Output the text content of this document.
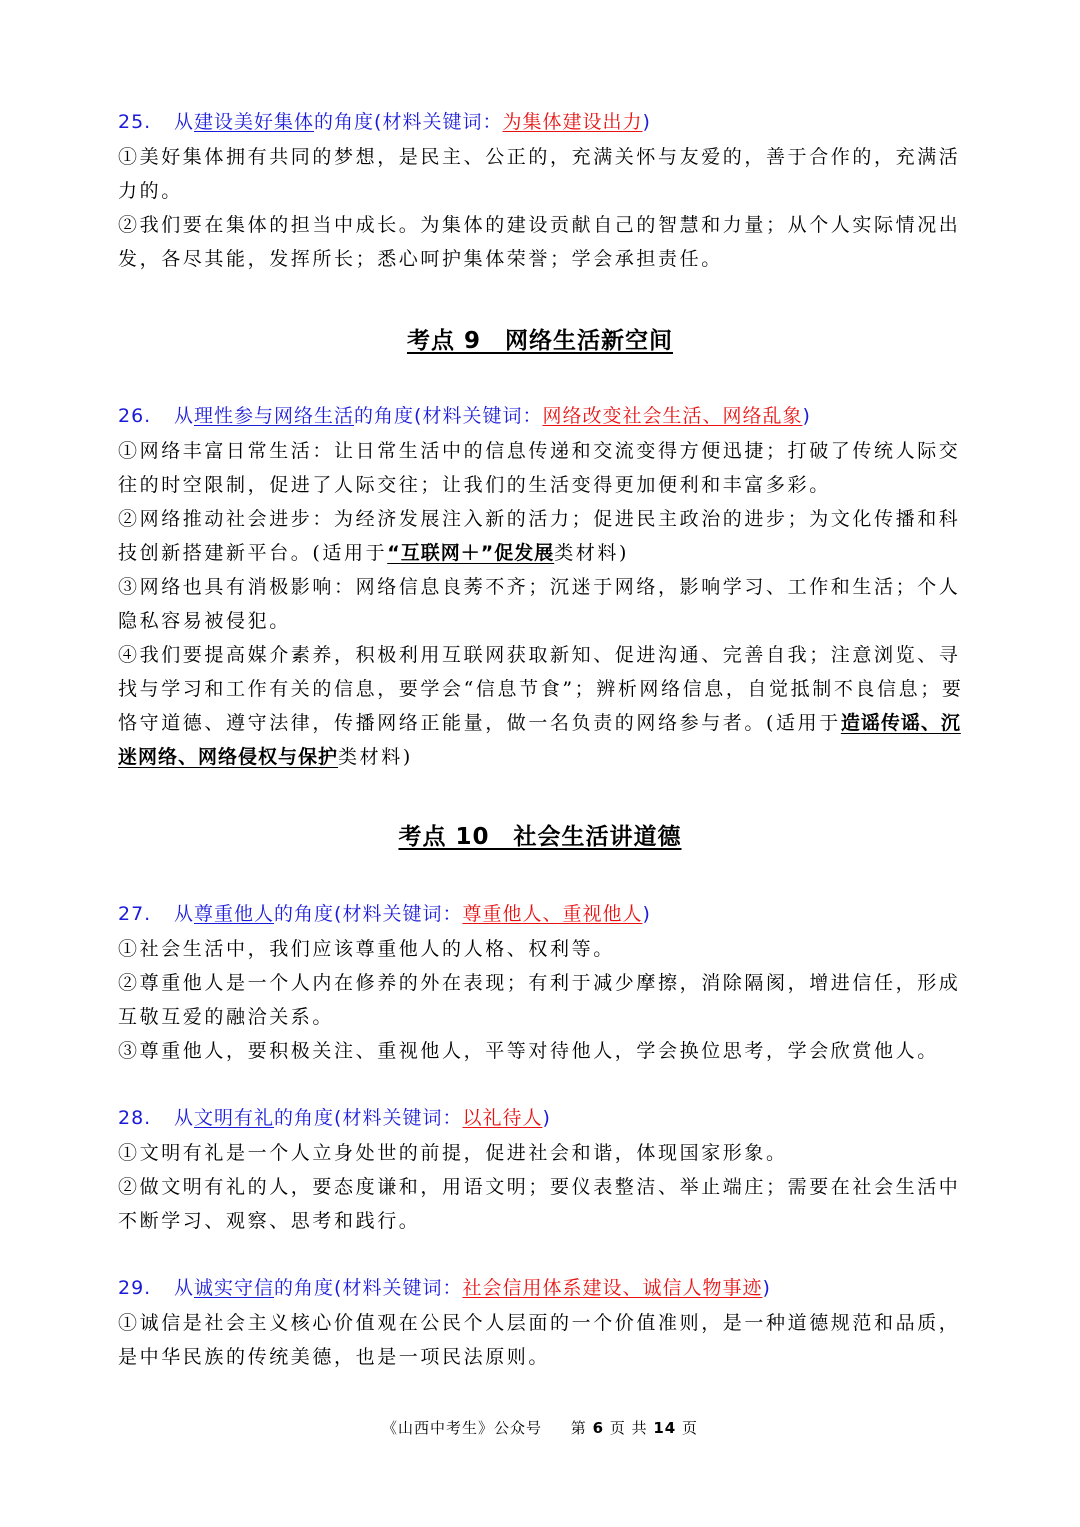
25. 从建设美好集体的角度(材料关键词：为集体建设出力)
①美好集体拥有共同的梦想，是民主、公正的，充满关怀与友爱的，善于合作的，充满活力的。
②我们要在集体的担当中成长。为集体的建设贡献自己的智慧和力量；从个人实际情况出发，各尽其能，发挥所长；悉心呵护集体荣誉；学会承担责任。
考点 9　网络生活新空间
26. 从理性参与网络生活的角度(材料关键词：网络改变社会生活、网络乱象)
①网络丰富日常生活：让日常生活中的信息传递和交流变得方便迅捷；打破了传统人际交往的时空限制，促进了人际交往；让我们的生活变得更加便利和丰富多彩。
②网络推动社会进步：为经济发展注入新的活力；促进民主政治的进步；为文化传播和科技创新搭建新平台。(适用于“互联网＋”促发展类材料)
③网络也具有消极影响：网络信息良莠不齐；沉迷于网络，影响学习、工作和生活；个人隐私容易被侵犯。
④我们要提高媒介素养，积极利用互联网获取新知、促进沟通、完善自我；注意浏览、寻找与学习和工作有关的信息，要学会“信息节食”；辨析网络信息，自觉抵制不良信息；要恪守道德、遵守法律，传播网络正能量，做一名负责的网络参与者。(适用于造谣传谣、沉迷网络、网络侵权与保护类材料)
考点 10　社会生活讲道德
27. 从尊重他人的角度(材料关键词：尊重他人、重视他人)
①社会生活中，我们应该尊重他人的人格、权利等。
②尊重他人是一个人内在修养的外在表现；有利于减少摩擦，消除隔阂，增进信任，形成互敬互爱的融洽关系。
③尊重他人，要积极关注、重视他人，平等对待他人，学会换位思考，学会欣赏他人。
28. 从文明有礼的角度(材料关键词：以礼待人)
①文明有礼是一个人立身处世的前提，促进社会和谐，体现国家形象。
②做文明有礼的人，要态度谦和，用语文明；要仪表整洁、举止端庄；需要在社会生活中不断学习、观察、思考和践行。
29. 从诚实守信的角度(材料关键词：社会信用体系建设、诚信人物事迹)
①诚信是社会主义核心价值观在公民个人层面的一个价值准则，是一种道德规范和品质，是中华民族的传统美德，也是一项民法原则。
《山西中考生》公众号 第 6 页 共 14 页
